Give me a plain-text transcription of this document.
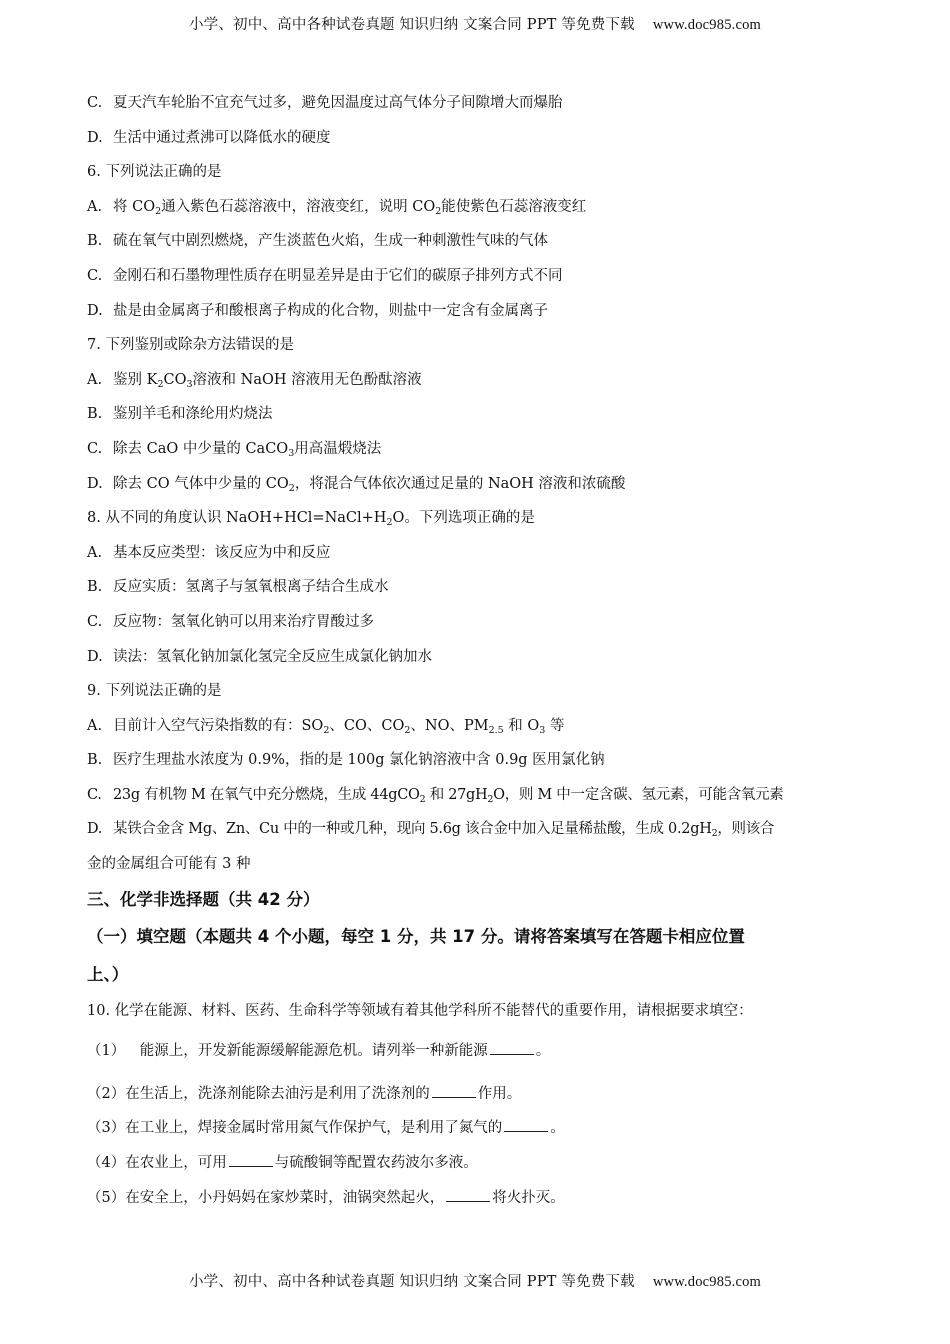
小学、初中、高中各种试卷真题 知识归纳 文案合同 PPT 等免费下载 www.doc985.com
C. 夏天汽车轮胎不宜充气过多，避免因温度过高气体分子间隙增大而爆胎
D. 生活中通过煮沸可以降低水的硬度
6. 下列说法正确的是
A. 将 $CO_2$通入紫色石蕊溶液中，溶液变红，说明 $CO_2$能使紫色石蕊溶液变红
B. 硫在氧气中剧烈燃烧，产生淡蓝色火焰，生成一种刺激性气味的气体
C. 金刚石和石墨物理性质存在明显差异是由于它们的碳原子排列方式不同
D. 盐是由金属离子和酸根离子构成的化合物，则盐中一定含有金属离子
7. 下列鉴别或除杂方法错误的是
A. 鉴别 $K_2CO_3$溶液和 NaOH 溶液用无色酚酞溶液
B. 鉴别羊毛和涤纶用灼烧法
C. 除去 CaO 中少量的 CaCO$_3$用高温煅烧法
D. 除去 CO 气体中少量的 $CO_2$，将混合气体依次通过足量的 NaOH 溶液和浓硫酸
8. 从不同的角度认识 $NaOH+HCl=NaCl+H_2O$。下列选项正确的是
A. 基本反应类型：该反应为中和反应
B. 反应实质：氢离子与氢氧根离子结合生成水
C. 反应物：氢氧化钠可以用来治疗胃酸过多
D. 读法：氢氧化钠加氯化氢完全反应生成氯化钠加水
9. 下列说法正确的是
A. 目前计入空气污染指数的有：$SO_2$、CO、$CO_2$、NO、$PM_{2.5}$ 和 $O_3$ 等
B. 医疗生理盐水浓度为 0.9%，指的是 100g 氯化钠溶液中含 0.9g 医用氯化钠
C. 23g 有机物 M 在氧气中充分燃烧，生成 44gCO$_2$ 和 $27gH_2O$，则 M 中一定含碳、氢元素，可能含氧元素
D. 某铁合金含 Mg、Zn、Cu 中的一种或几种，现向 5.6g 该合金中加入足量稀盐酸，生成 $0.2gH_2$，则该合
金的金属组合可能有 3 种
三、化学非选择题（共 42 分）
（一）填空题（本题共 4 个小题，每空 1 分，共 17 分。请将答案填写在答题卡相应位置
上、）
10. 化学在能源、材料、医药、生命科学等领域有着其他学科所不能替代的重要作用，请根据要求填空：
（1）　能源上，开发新能源缓解能源危机。请列举一种新能源	。
（2）在生活上，洗涤剂能除去油污是利用了洗涤剂的	作用。
（3）在工业上，焊接金属时常用氮气作保护气，是利用了氮气的	。
（4）在农业上，可用	与硫酸铜等配置农药波尔多液。
（5）在安全上，小丹妈妈在家炒菜时，油锅突然起火，	将火扑灭。
小学、初中、高中各种试卷真题 知识归纳 文案合同 PPT 等免费下载 www.doc985.com
